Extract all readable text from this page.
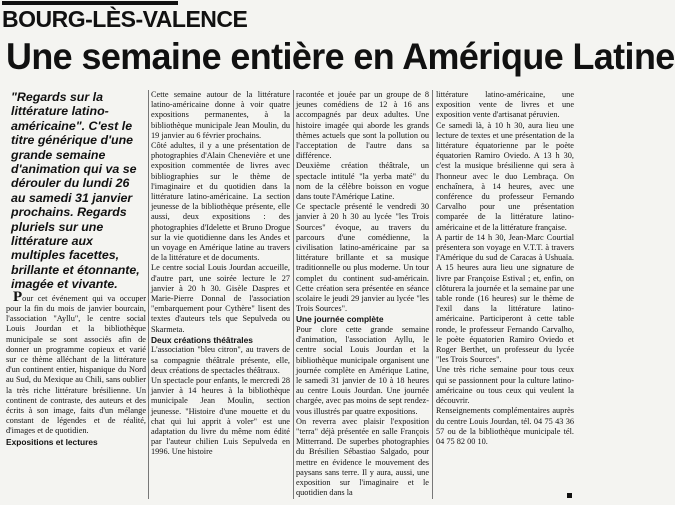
BOURG-LÈS-VALENCE
Une semaine entière en Amérique Latine

"Regards sur la littérature latino-américaine". C'est le titre générique d'une grande semaine d'animation qui va se dérouler du lundi 26 au samedi 31 janvier prochains. Regards pluriels sur une littérature aux multiples facettes, brillante et étonnante, imagée et vivante.

Pour cet événement qui va occuper pour la fin du mois de janvier bourcain, l'association "Ayllu", le centre social Louis Jourdan et la bibliothèque municipale se sont associés afin de donner un programme copieux et varié sur ce thème alléchant de la littérature d'un continent entier, hispanique du Nord au Sud, du Mexique au Chili, sans oublier la très riche littérature brésilienne. Un continent de contraste, des auteurs et des écrits à son image, faits d'un mélange constant de légendes et de réalité, d'images et de quotidien.

Expositions et lectures

Cette semaine autour de la littérature latino-américaine donne à voir quatre expositions permanentes, à la bibliothèque municipale Jean Moulin, du 19 janvier au 6 février prochains.

Côté adultes, il y a une présentation de photographies d'Alain Chenevière et une exposition commentée de livres avec bibliographies sur le thème de l'imaginaire et du quotidien dans la littérature latino-américaine. La section jeunesse de la bibliothèque présente, elle aussi, deux expositions : des photographies d'Idelette et Bruno Drogue sur la vie quotidienne dans les Andes et un voyage en Amérique latine au travers de la littérature et de documents.

Le centre social Louis Jourdan accueille, d'autre part, une soirée lecture le 27 janvier à 20 h 30. Gisèle Daspres et Marie-Pierre Donnal de l'association "embarquement pour Cythère" lisent des textes d'auteurs tels que Sepulveda ou Skarmeta.

Deux créations théâtrales

L'association "bleu citron", au travers de sa compagnie théâtrale présente, elle, deux créations de spectacles théâtraux.

Un spectacle pour enfants, le mercredi 28 janvier à 14 heures à la bibliothèque municipale Jean Moulin, section jeunesse. "Histoire d'une mouette et du chat qui lui apprit à voler" est une adaptation du livre du même nom édité par l'auteur chilien Luis Sepulveda en 1996. Une histoire

racontée et jouée par un groupe de 8 jeunes comédiens de 12 à 16 ans accompagnés par deux adultes. Une histoire imagée qui aborde les grands thèmes actuels que sont la pollution ou l'acceptation de l'autre dans sa différence.

Deuxième création théâtrale, un spectacle intitulé "la yerba maté" du nom de la célèbre boisson en vogue dans toute l'Amérique Latine.

Ce spectacle présenté le vendredi 30 janvier à 20 h 30 au lycée "les Trois Sources" évoque, au travers du parcours d'une comédienne, la civilisation latino-américaine par sa littérature brillante et sa musique traditionnelle ou plus moderne. Un tour complet du continent sud-américain. Cette création sera présentée en séance scolaire le jeudi 29 janvier au lycée "les Trois Sources".

Une journée complète

Pour clore cette grande semaine d'animation, l'association Ayllu, le centre social Louis Jourdan et la bibliothèque municipale organisent une journée complète en Amérique Latine, le samedi 31 janvier de 10 à 18 heures au centre Louis Jourdan. Une journée chargée, avec pas moins de sept rendez-vous illustrés par quatre expositions.

On reverra avec plaisir l'exposition "terra" déjà présentée en salle François Mitterrand. De superbes photographies du Brésilien Sébastiao Salgado, pour mettre en évidence le mouvement des paysans sans terre. Il y aura, aussi, une exposition sur l'imaginaire et le quotidien dans la

littérature latino-américaine, une exposition vente de livres et une exposition vente d'artisanat péruvien.

Ce samedi là, à 10 h 30, aura lieu une lecture de textes et une présentation de la littérature équatorienne par le poète équatorien Ramiro Oviedo. A 13 h 30, c'est la musique brésilienne qui sera à l'honneur avec le duo Lembraça. On enchaînera, à 14 heures, avec une conférence du professeur Fernando Carvalho pour une présentation comparée de la littérature latino-américaine et de la littérature française.

A partir de 14 h 30, Jean-Marc Courtial présentera son voyage en V.T.T. à travers l'Amérique du sud de Caracas à Ushuaïa. A 15 heures aura lieu une signature de livre par Françoise Estival ; et, enfin, on clôturera la journée et la semaine par une table ronde (16 heures) sur le thème de l'exil dans la littérature latino-américaine. Participeront à cette table ronde, le professeur Fernando Carvalho, le poète équatorien Ramiro Oviedo et Roger Berthet, un professeur du lycée "les Trois Sources".

Une très riche semaine pour tous ceux qui se passionnent pour la culture latino-américaine ou tous ceux qui veulent la découvrir.

Renseignements complémentaires auprès du centre Louis Jourdan, tél. 04 75 43 36 57 ou de la bibliothèque municipale tél. 04 75 82 00 10.
